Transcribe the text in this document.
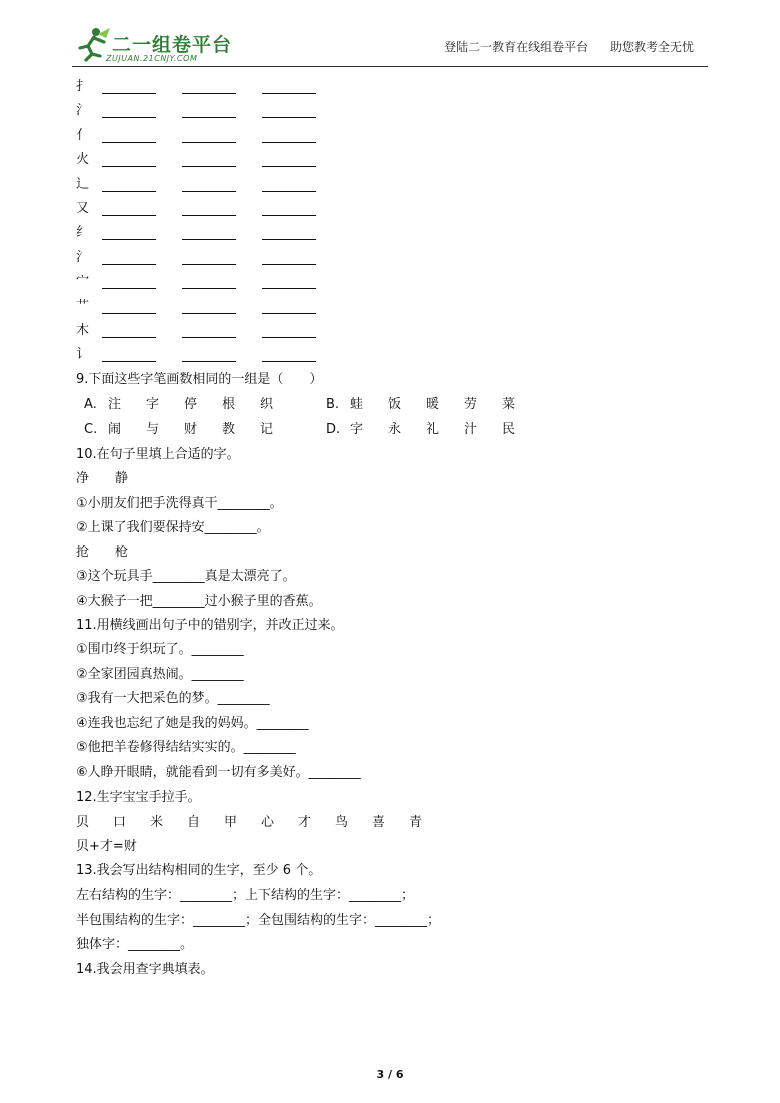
二一组卷平台
ZUJUAN.21CNJY.COM
登陆二一教育在线组卷平台 助您教考全无忧
扌
氵
亻
火
辶
又
纟
氵
宀
艹
木
讠
9.下面这些字笔画数相同的一组是（　　）
A. 注 字 停 根 织	B. 蛙 饭 暖 劳 菜
C. 闹 与 财 教 记	D. 字 永 礼 汁 民
10.在句子里填上合适的字。
净　　静
①小朋友们把手洗得真干________。
②上课了我们要保持安________。
抢　　枪
③这个玩具手________真是太漂亮了。
④大猴子一把________过小猴子里的香蕉。
11.用横线画出句子中的错别字，并改正过来。
①围巾终于织玩了。________
②全家团园真热闹。________
③我有一大把采色的梦。________
④连我也忘纪了她是我的妈妈。________
⑤他把羊卷修得结结实实的。________
⑥人睁开眼睛，就能看到一切有多美好。________
12.生字宝宝手拉手。
贝 口 米 自 甲 心 才 鸟 喜 青
贝+才=财
13.我会写出结构相同的生字，至少 6 个。
左右结构的生字：________；上下结构的生字：________；
半包围结构的生字：________；全包围结构的生字：________；
独体字：________。
14.我会用查字典填表。
3 / 6
